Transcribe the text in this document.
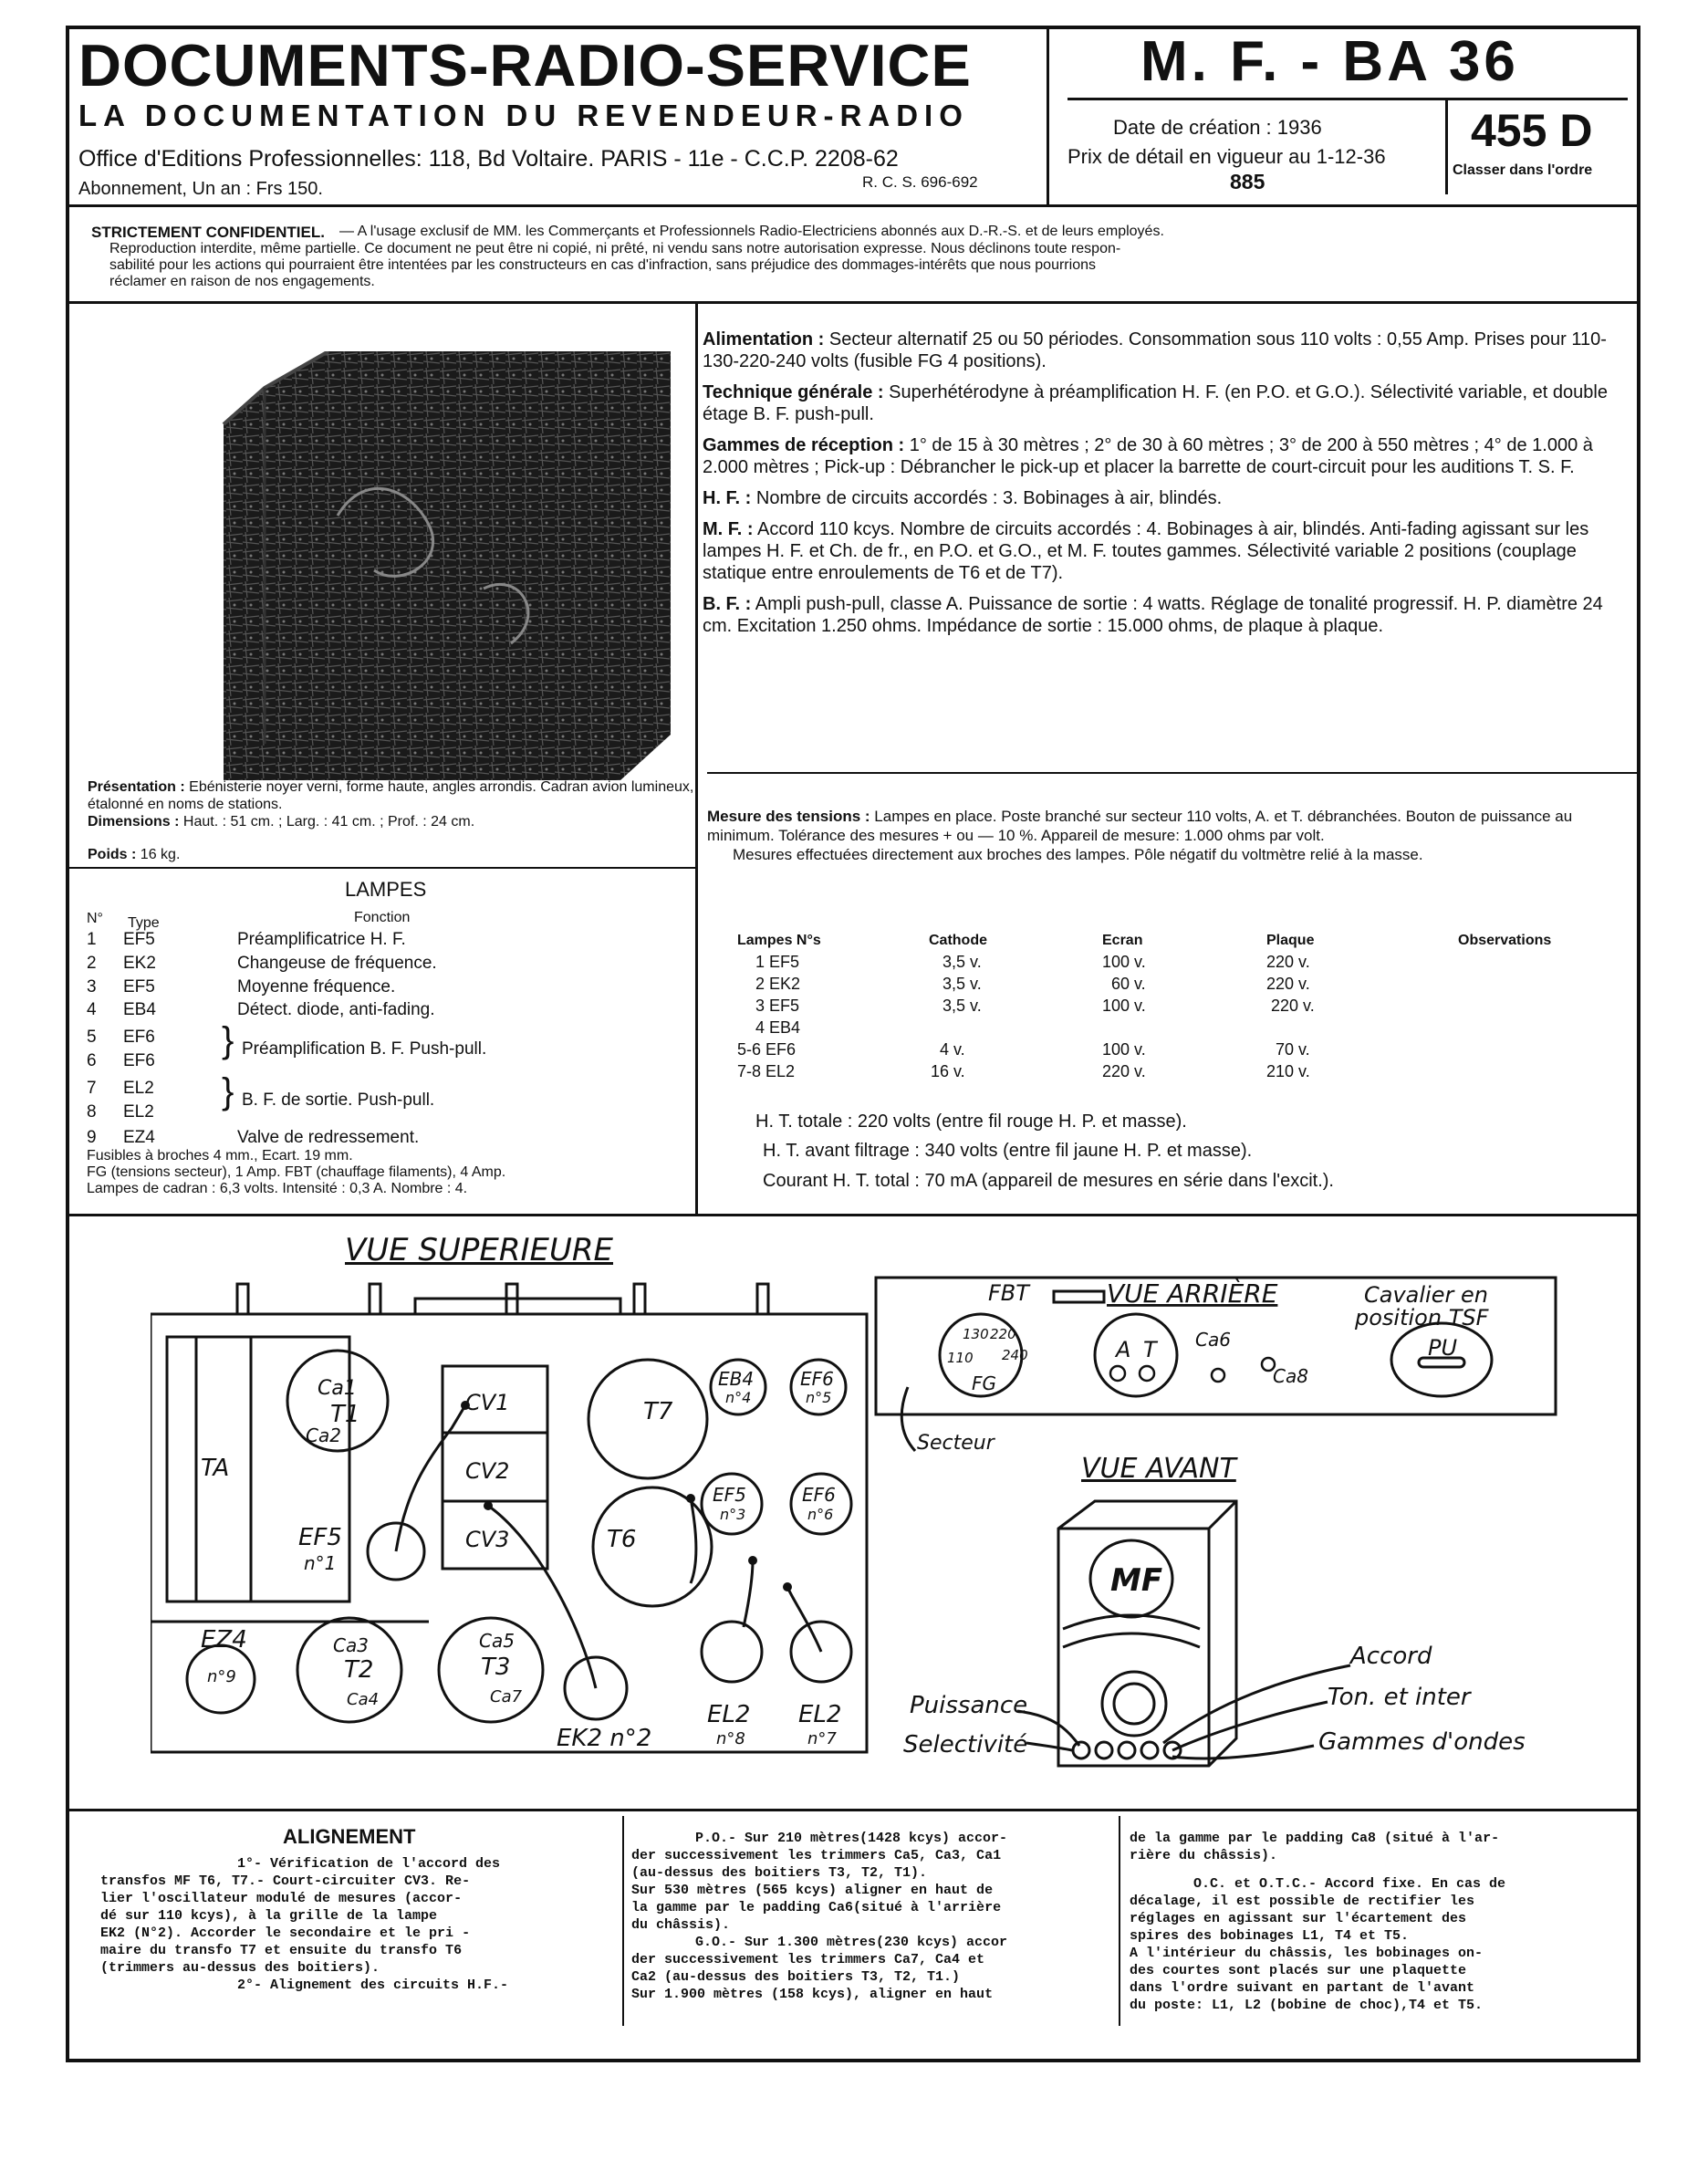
DOCUMENTS-RADIO-SERVICE
LA DOCUMENTATION DU REVENDEUR-RADIO
Office d'Editions Professionnelles: 118, Bd Voltaire. PARIS - 11e - C.C.P. 2208-62
Abonnement, Un an : Frs 150.	R. C. S. 696-692
M. F. - BA 36
Date de création : 1936
Prix de détail en vigueur au 1-12-36
885
455 D
Classer dans l'ordre
STRICTEMENT CONFIDENTIEL. — A l'usage exclusif de MM. les Commerçants et Professionnels Radio-Electriciens abonnés aux D.-R.-S. et de leurs employés.
Reproduction interdite, même partielle. Ce document ne peut être ni copié, ni prêté, ni vendu sans notre autorisation expresse. Nous déclinons toute respon-
sabilité pour les actions qui pourraient être intentées par les constructeurs en cas d'infraction, sans préjudice des dommages-intérêts que nous pourrions
réclamer en raison de nos engagements.
Présentation : Ebénisterie noyer verni, forme haute, angles arrondis. Cadran avion lumineux, étalonné en noms de stations.
Dimensions : Haut. : 51 cm. ; Larg. : 41 cm. ; Prof. : 24 cm.

Poids : 16 kg.
LAMPES
N° Type	Fonction
1 EF5	Préamplificatrice H. F.
2 EK2	Changeuse de fréquence.
3 EF5	Moyenne fréquence.
4 EB4	Détect. diode, anti-fading.
5 EF6
6 EF6
} Préamplification B. F. Push-pull.
7 EL2
8 EL2
} B. F. de sortie. Push-pull.
9 EZ4	Valve de redressement.
Fusibles à broches 4 mm., Ecart. 19 mm.
FG (tensions secteur), 1 Amp. FBT (chauffage filaments), 4 Amp.
Lampes de cadran : 6,3 volts. Intensité : 0,3 A. Nombre : 4.

Alimentation : Secteur alternatif 25 ou 50 périodes. Consommation sous 110 volts : 0,55 Amp. Prises pour 110-130-220-240 volts (fusible FG 4 positions).

Technique générale : Superhétérodyne à préamplification H. F. (en P.O. et G.O.). Sélectivité variable, et double étage B. F. push-pull.

Gammes de réception : 1° de 15 à 30 mètres ; 2° de 30 à 60 mètres ; 3° de 200 à 550 mètres ; 4° de 1.000 à 2.000 mètres ; Pick-up : Débrancher le pick-up et placer la barrette de court-circuit pour les auditions T. S. F.

H. F. : Nombre de circuits accordés : 3. Bobinages à air, blindés.

M. F. : Accord 110 kcys. Nombre de circuits accordés : 4. Bobinages à air, blindés. Anti-fading agissant sur les lampes H. F. et Ch. de fr., en P.O. et G.O., et M. F. toutes gammes. Sélectivité variable 2 positions (couplage statique entre enroulements de T6 et de T7).

B. F. : Ampli push-pull, classe A. Puissance de sortie : 4 watts. Réglage de tonalité progressif. H. P. diamètre 24 cm. Excitation 1.250 ohms. Impédance de sortie : 15.000 ohms, de plaque à plaque.

Mesure des tensions : Lampes en place. Poste branché sur secteur 110 volts, A. et T. débranchées. Bouton de puissance au minimum. Tolérance des mesures + ou — 10 %. Appareil de mesure: 1.000 ohms par volt.
Mesures effectuées directement aux broches des lampes. Pôle négatif du voltmètre relié à la masse.
Lampes N°s	Cathode	Ecran	Plaque	Observations
1 EF5	3,5 v.	100 v.	220 v.
2 EK2	3,5 v.	60 v.	220 v.
3 EF5	3,5 v.	100 v.	220 v.
4 EB4
5-6 EF6	4 v.	100 v.	70 v.
7-8 EL2	16 v.	220 v.	210 v.
H. T. totale : 220 volts (entre fil rouge H. P. et masse).
H. T. avant filtrage : 340 volts (entre fil jaune H. P. et masse).
Courant H. T. total : 70 mA (appareil de mesures en série dans l'excit.).
VUE SUPERIEURE
TA
Ca1
T1
Ca2
CV1
CV2
CV3
T7
T6
EB4
n°4
EF6
n°5
EF5
n°3
EF6
n°6
EF5
n°1
EZ4
n°9
Ca3
T2
Ca4
Ca5
T3
Ca7
EK2 n°2
EL2
n°8
EL2
n°7
FBT	VUE ARRIÈRE
130 220
110 240
FG
A T Ca6
Ca8
Cavalier en
position TSF
PU
Secteur
VUE AVANT
MF
Accord
Ton. et inter
Gammes d'ondes
Puissance
Selectivité
ALIGNEMENT

1°- Vérification de l'accord des

transfos MF T6, T7.- Court-circuiter CV3. Re-

lier l'oscillateur modulé de mesures (accor-

dé sur 110 kcys), à la grille de la lampe

EK2 (N°2). Accorder le secondaire et le pri -

maire du transfo T7 et ensuite du transfo T6

(trimmers au-dessus des boitiers).

2°- Alignement des circuits H.F.-

P.O.- Sur 210 mètres(1428 kcys) accor-

der successivement les trimmers Ca5, Ca3, Ca1

(au-dessus des boitiers T3, T2, T1).

Sur 530 mètres (565 kcys) aligner en haut de

la gamme par le padding Ca6(situé à l'arrière

du châssis).

G.O.- Sur 1.300 mètres(230 kcys) accor

der successivement les trimmers Ca7, Ca4 et

Ca2 (au-dessus des boitiers T3, T2, T1.)

Sur 1.900 mètres (158 kcys), aligner en haut

de la gamme par le padding Ca8 (situé à l'ar-

rière du châssis).

O.C. et O.T.C.- Accord fixe. En cas de

décalage, il est possible de rectifier les

réglages en agissant sur l'écartement des

spires des bobinages L1, T4 et T5.

A l'intérieur du châssis, les bobinages on-

des courtes sont placés sur une plaquette

dans l'ordre suivant en partant de l'avant

du poste: L1, L2 (bobine de choc),T4 et T5.
